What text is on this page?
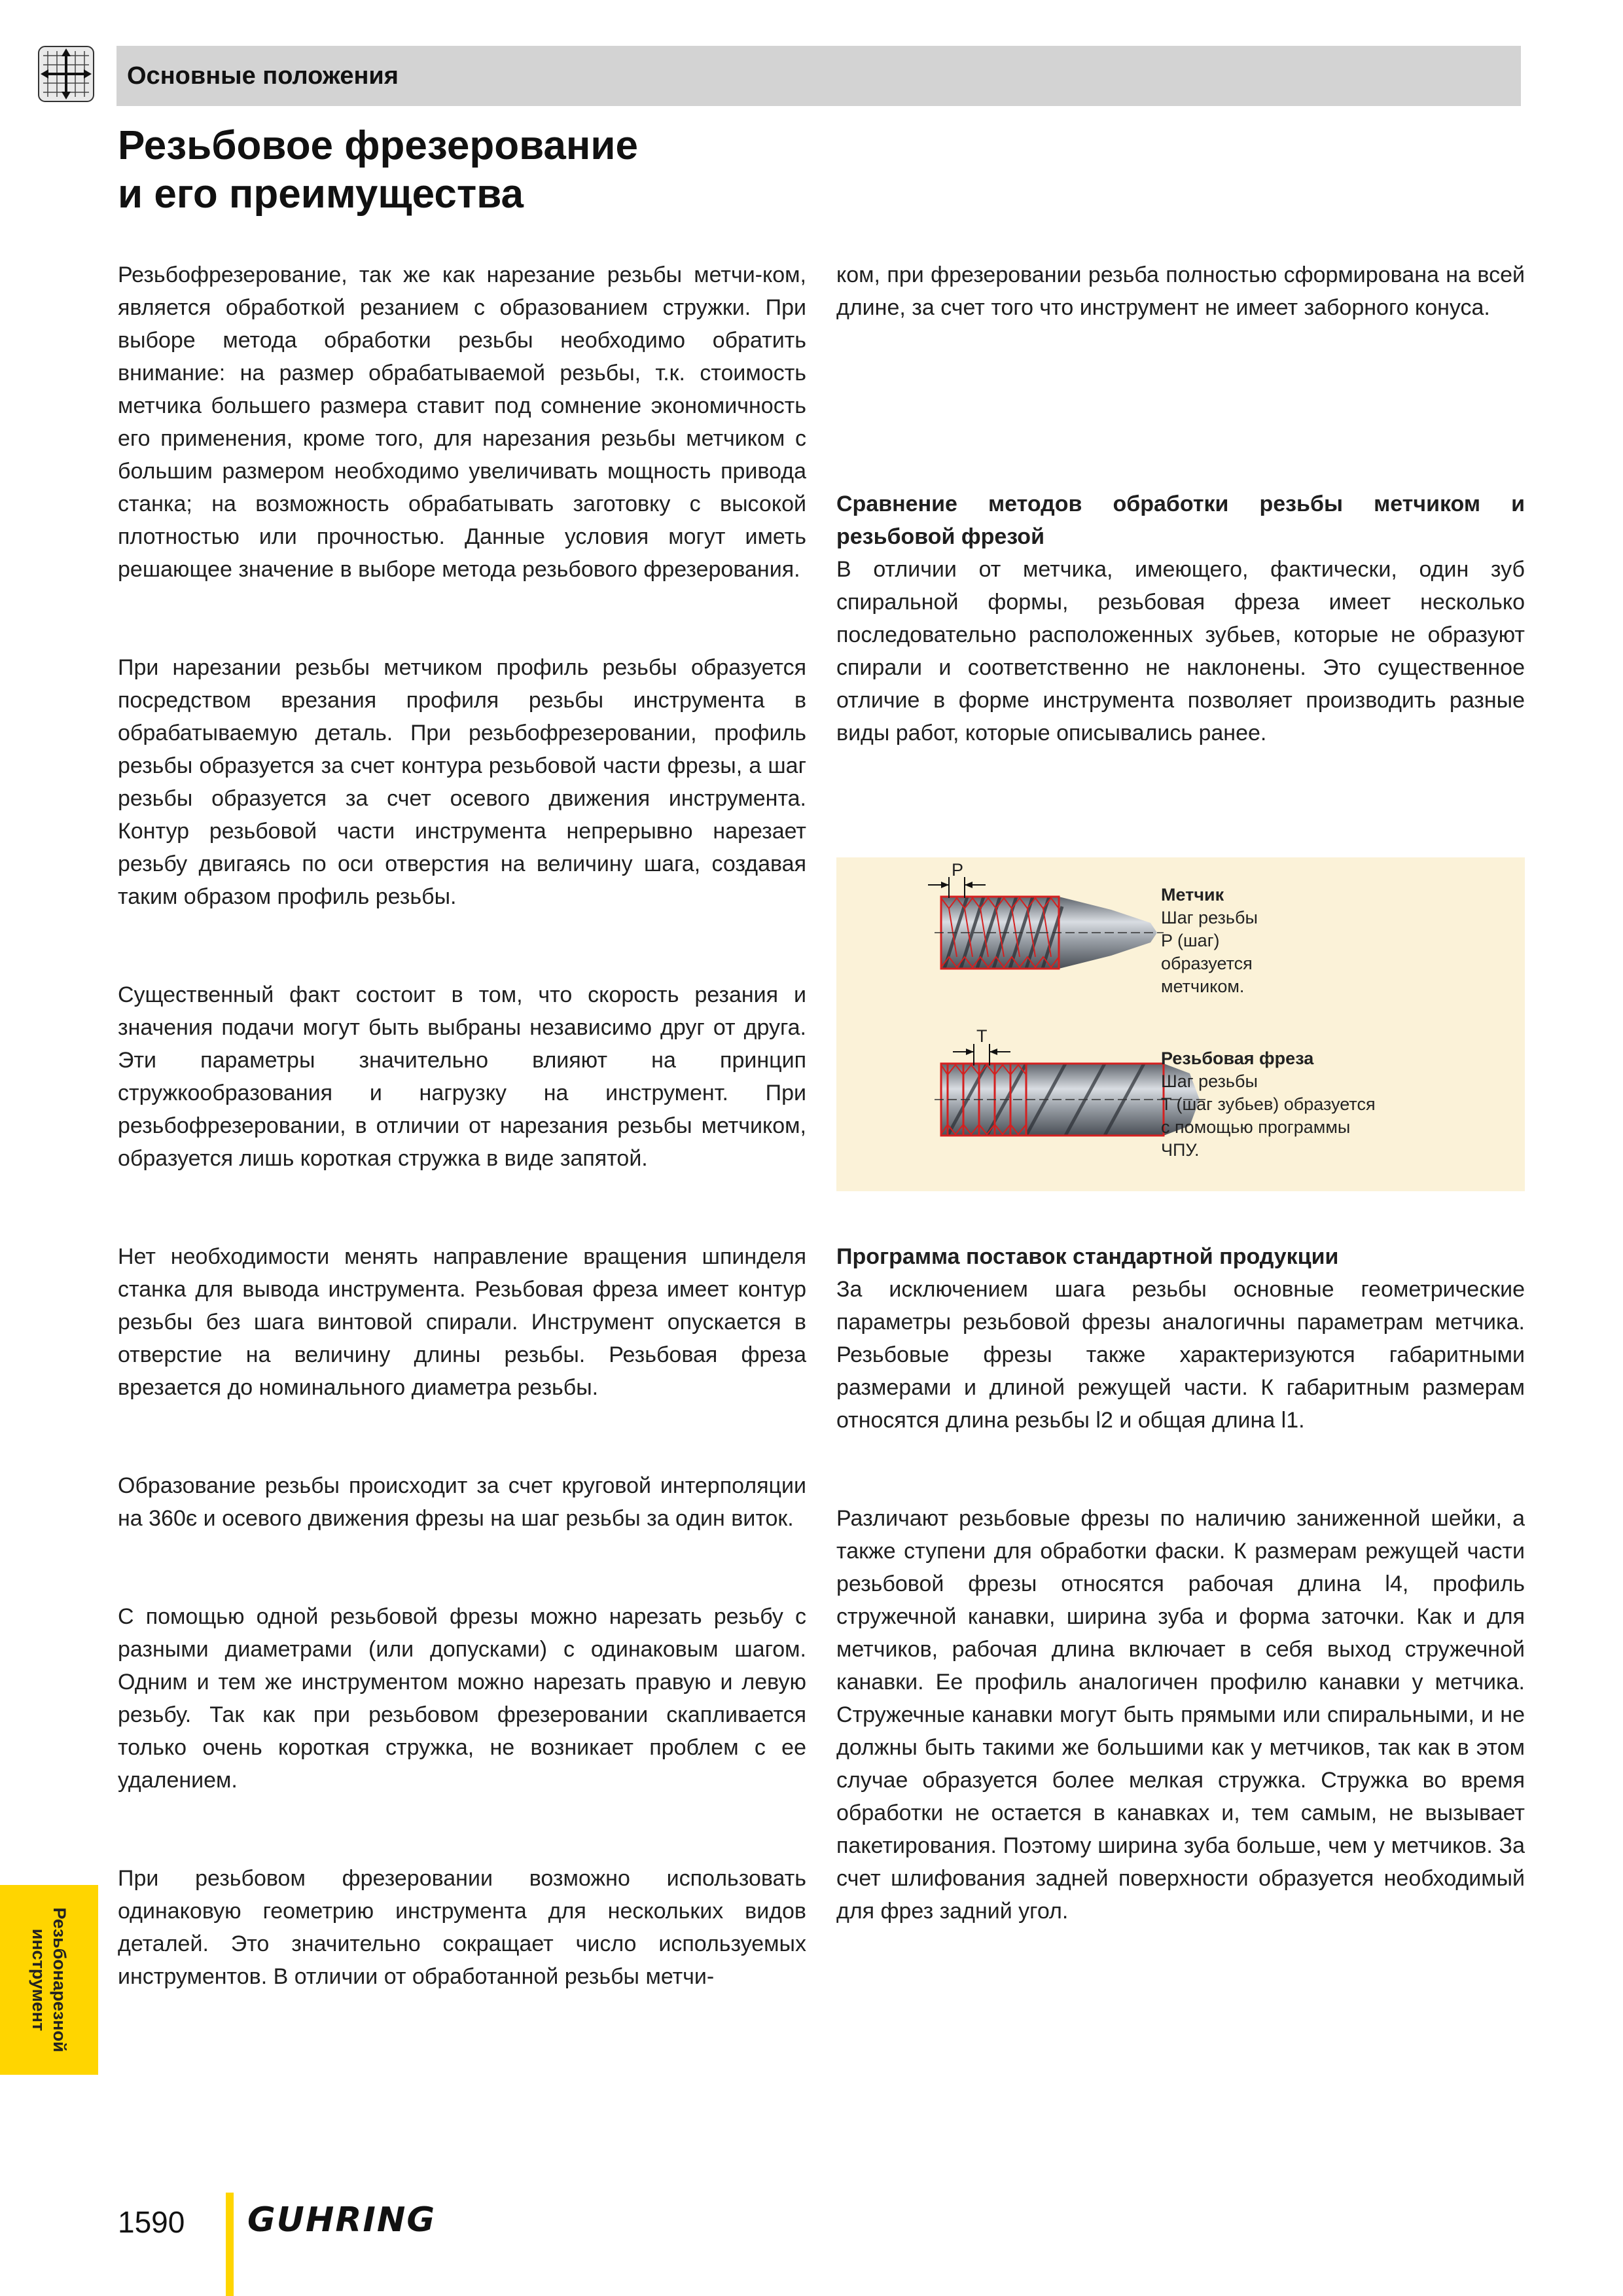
Основные положения
Резьбовое фрезерование
и его преимущества

Резьбофрезерование, так же как нарезание резьбы метчи-ком, является обработкой резанием с образованием стружки. При выборе метода обработки резьбы необходимо обратить внимание: на размер обрабатываемой резьбы, т.к. стоимость метчика большего размера ставит под сомнение экономичность его применения, кроме того, для нарезания резьбы метчиком с большим размером необходимо увеличивать мощность привода станка; на возможность обрабатывать заготовку с высокой плотностью или прочностью. Данные условия могут иметь решающее значение в выборе метода резьбового фрезерования.

При нарезании резьбы метчиком профиль резьбы образуется посредством врезания профиля резьбы инструмента в обрабатываемую деталь. При резьбофрезеровании, профиль резьбы образуется за счет контура резьбовой части фрезы, а шаг резьбы образуется за счет осевого движения инструмента. Контур резьбовой части инструмента непрерывно нарезает резьбу двигаясь по оси отверстия на величину шага, создавая таким образом профиль резьбы.

Существенный факт состоит в том, что скорость резания и значения подачи могут быть выбраны независимо друг от друга. Эти параметры значительно влияют на принцип стружкообразования и нагрузку на инструмент. При резьбофрезеровании, в отличии от нарезания резьбы метчиком, образуется лишь короткая стружка в виде запятой.

Нет необходимости менять направление вращения шпинделя станка для вывода инструмента. Резьбовая фреза имеет контур резьбы без шага винтовой спирали. Инструмент опускается в отверстие на величину длины резьбы. Резьбовая фреза врезается до номинального диаметра резьбы.

Образование резьбы происходит за счет круговой интерполяции на 360є и осевого движения фрезы на шаг резьбы за один виток.

С помощью одной резьбовой фрезы можно нарезать резьбу с разными диаметрами (или допусками) с одинаковым шагом. Одним и тем же инструментом можно нарезать правую и левую резьбу. Так как при резьбовом фрезеровании скапливается только очень короткая стружка, не возникает проблем с ее удалением.

При резьбовом фрезеровании возможно использовать одинаковую геометрию инструмента для нескольких видов деталей. Это значительно сокращает число используемых инструментов. В отличии от обработанной резьбы метчи-

ком, при фрезеровании резьба полностью сформирована на всей длине, за счет того что инструмент не имеет заборного конуса.

Сравнение методов обработки резьбы метчиком и резьбовой фрезой

В отличии от метчика, имеющего, фактически, один зуб спиральной формы, резьбовая фреза имеет несколько последовательно расположенных зубьев, которые не образуют спирали и соответственно не наклонены. Это существенное отличие в форме инструмента позволяет производить разные виды работ, которые описывались ранее.

P
T
Метчик
Шаг резьбы
P (шаг)
образуется
метчиком.
Резьбовая фреза
Шаг резьбы
T (шаг зубьев) образуется
с помощью программы
ЧПУ.

Программа поставок стандартной продукции

За исключением шага резьбы основные геометрические параметры резьбовой фрезы аналогичны параметрам метчика. Резьбовые фрезы также характеризуются габаритными размерами и длиной режущей части. К габаритным размерам относятся длина резьбы l2 и общая длина l1.

Различают резьбовые фрезы по наличию заниженной шейки, а также ступени для обработки фаски. К размерам режущей части резьбовой фрезы относятся рабочая длина l4, профиль стружечной канавки, ширина зуба и форма заточки. Как и для метчиков, рабочая длина включает в себя выход стружечной канавки. Ее профиль аналогичен профилю канавки у метчика. Стружечные канавки могут быть прямыми или спиральными, и не должны быть такими же большими как у метчиков, так как в этом случае образуется более мелкая стружка. Стружка во время обработки не остается в канавках и, тем самым, не вызывает пакетирования. Поэтому ширина зуба больше, чем у метчиков. За счет шлифования задней поверхности образуется необходимый для фрез задний угол.

Резьбонарезной
инструмент
1590 GUHRING
